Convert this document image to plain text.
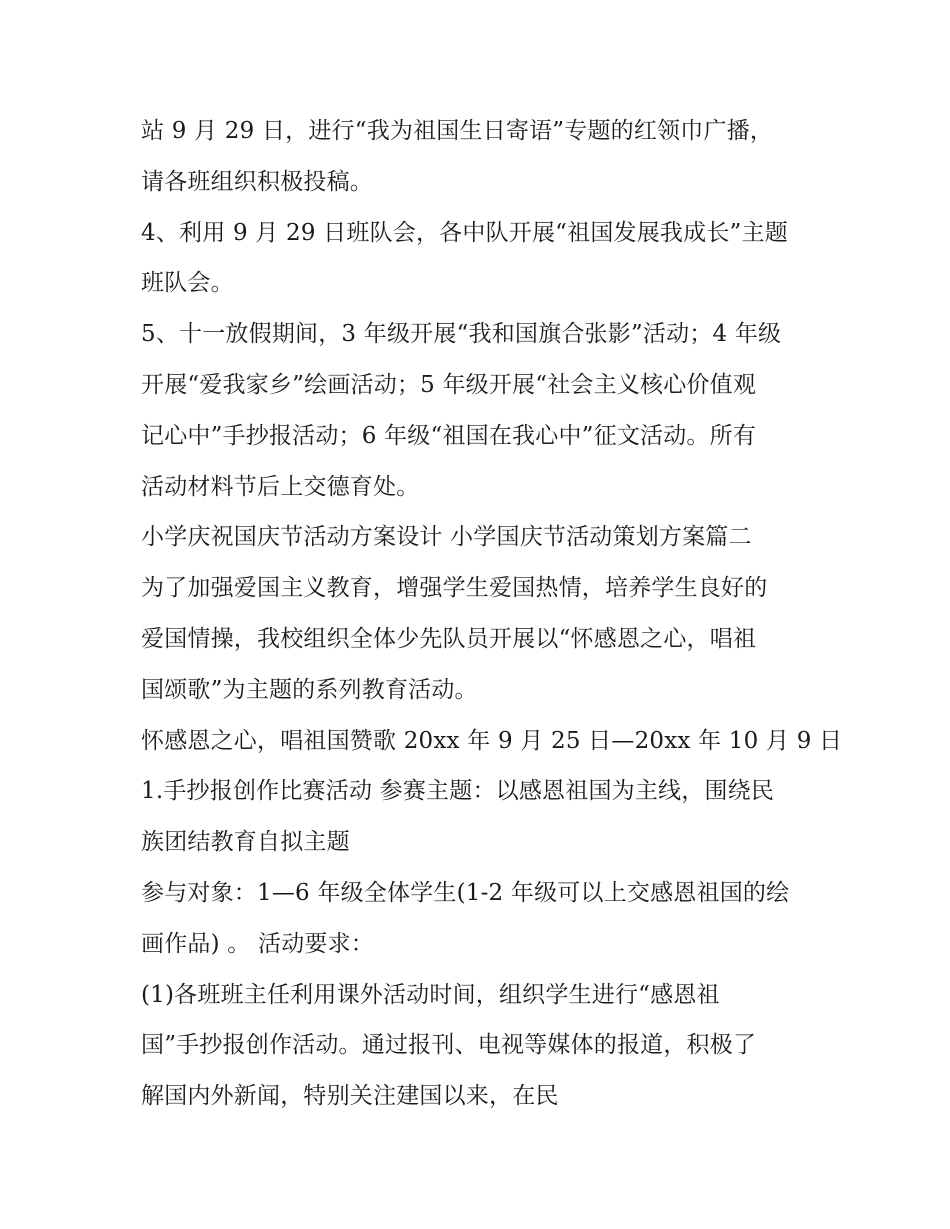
站 9 月 29 日，进行“我为祖国生日寄语”专题的红领巾广播，
请各班组织积极投稿。
4、利用 9 月 29 日班队会，各中队开展“祖国发展我成长”主题
班队会。
5、十一放假期间，3 年级开展“我和国旗合张影”活动；4 年级
开展“爱我家乡”绘画活动；5 年级开展“社会主义核心价值观
记心中”手抄报活动；6 年级“祖国在我心中”征文活动。所有
活动材料节后上交德育处。
小学庆祝国庆节活动方案设计 小学国庆节活动策划方案篇二
为了加强爱国主义教育，增强学生爱国热情，培养学生良好的
爱国情操，我校组织全体少先队员开展以“怀感恩之心，唱祖
国颂歌”为主题的系列教育活动。
怀感恩之心，唱祖国赞歌 20xx 年 9 月 25 日—20xx 年 10 月 9 日
1.手抄报创作比赛活动 参赛主题：以感恩祖国为主线，围绕民
族团结教育自拟主题
参与对象：1—6 年级全体学生(1-2 年级可以上交感恩祖国的绘
画作品) 。 活动要求：
(1)各班班主任利用课外活动时间，组织学生进行“感恩祖
国”手抄报创作活动。通过报刊、电视等媒体的报道，积极了
解国内外新闻，特别关注建国以来，在民
